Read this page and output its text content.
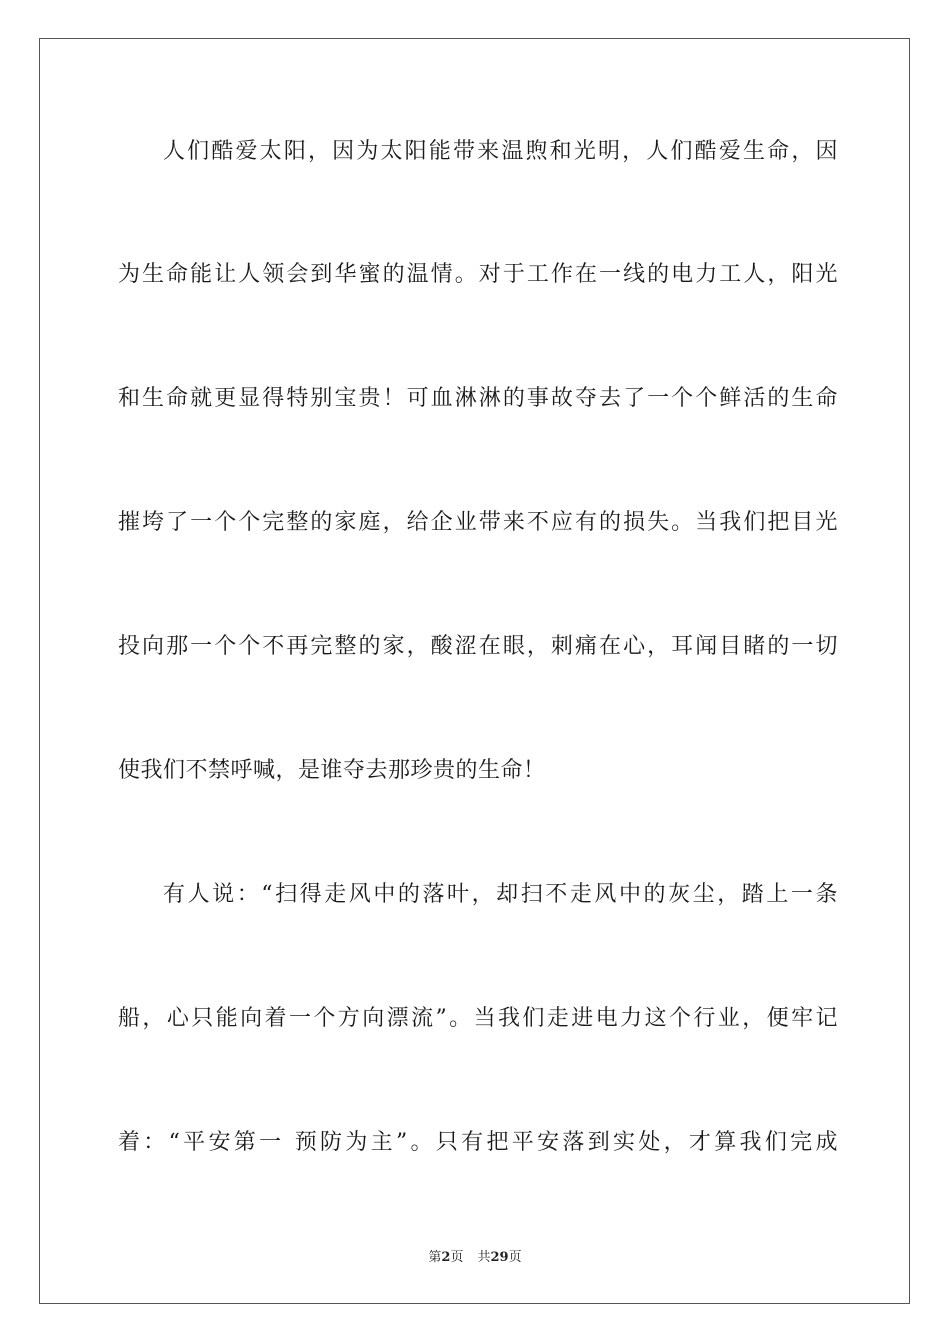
人们酷爱太阳，因为太阳能带来温煦和光明，人们酷爱生命，因
为生命能让人领会到华蜜的温情。对于工作在一线的电力工人，阳光
和生命就更显得特别宝贵！可血淋淋的事故夺去了一个个鲜活的生命
摧垮了一个个完整的家庭，给企业带来不应有的损失。当我们把目光
投向那一个个不再完整的家，酸涩在眼，刺痛在心，耳闻目睹的一切
使我们不禁呼喊，是谁夺去那珍贵的生命！
有人说：“扫得走风中的落叶，却扫不走风中的灰尘，踏上一条
船，心只能向着一个方向漂流”。当我们走进电力这个行业，便牢记
着：“平安第一 预防为主”。只有把平安落到实处，才算我们完成
第2页 共29页
